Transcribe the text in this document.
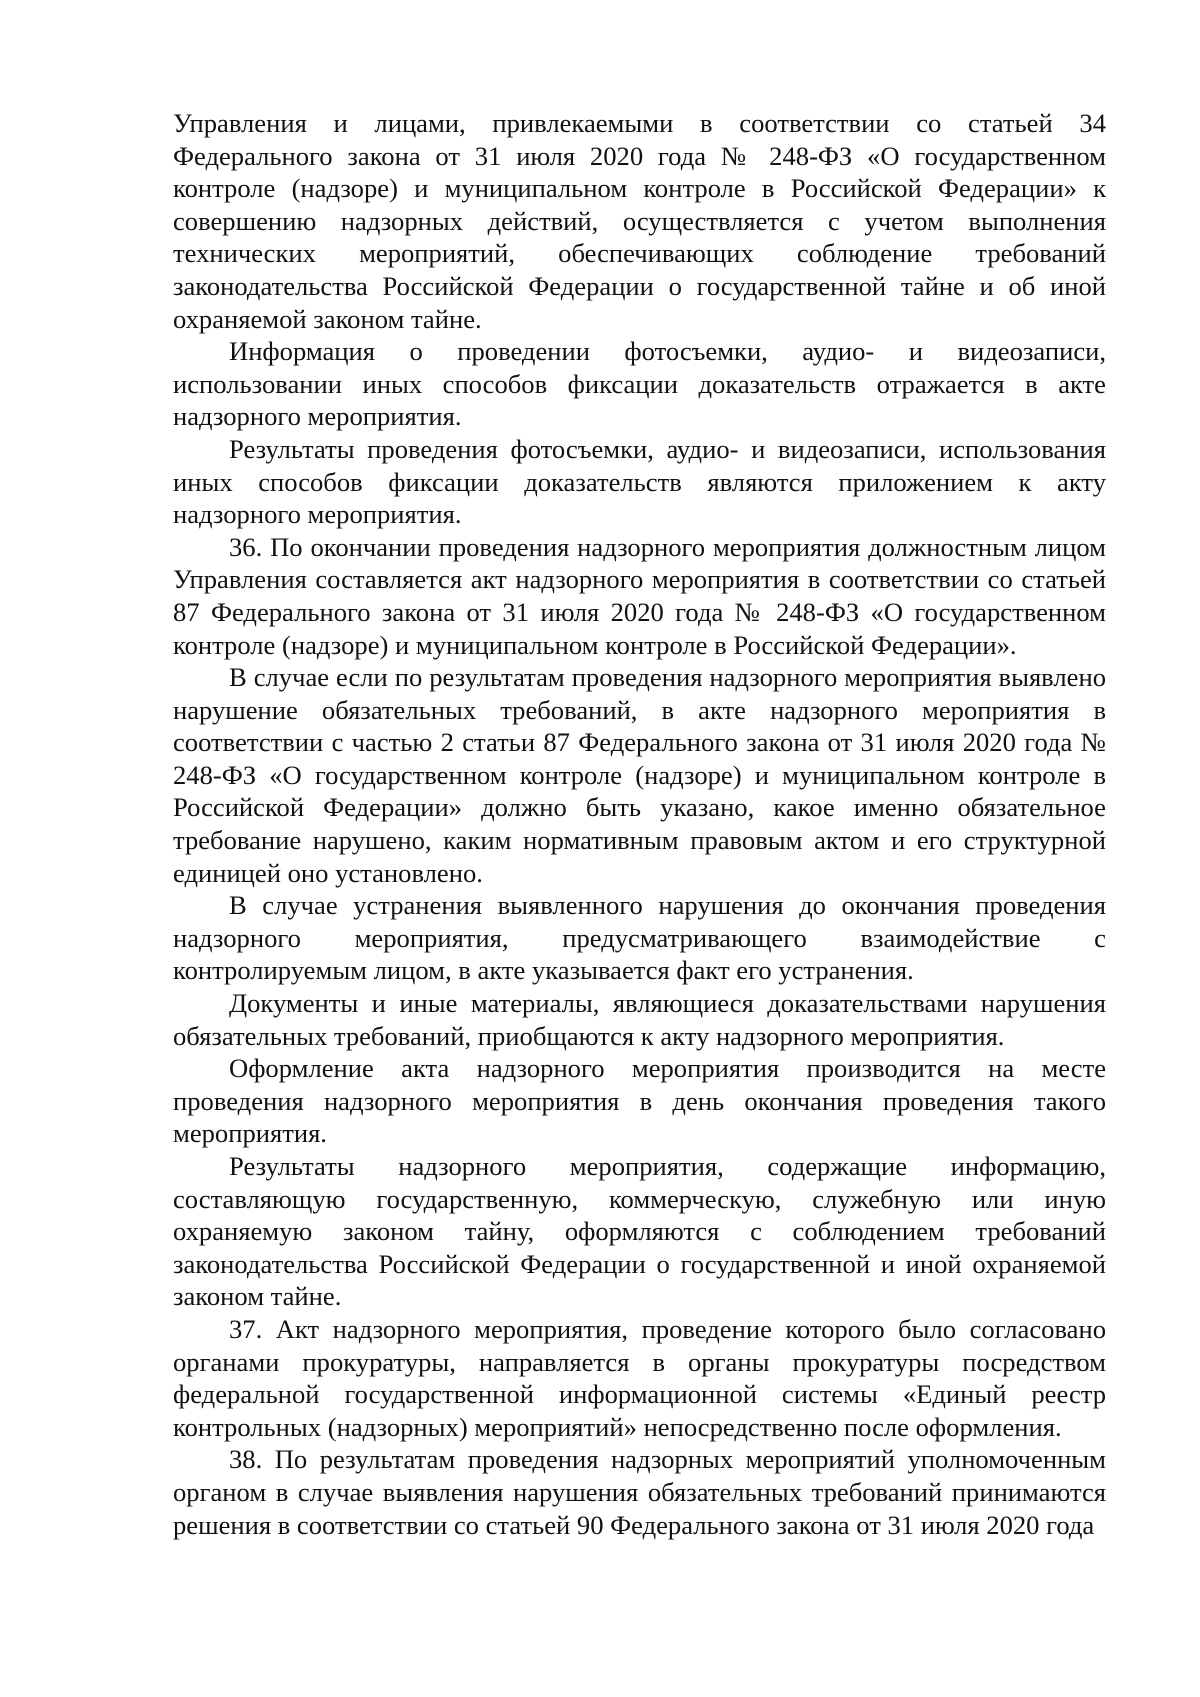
Управления и лицами, привлекаемыми в соответствии со статьей 34 Федерального закона от 31 июля 2020 года № 248-ФЗ «О государственном контроле (надзоре) и муниципальном контроле в Российской Федерации» к совершению надзорных действий, осуществляется с учетом выполнения технических мероприятий, обеспечивающих соблюдение требований законодательства Российской Федерации о государственной тайне и об иной охраняемой законом тайне.

Информация о проведении фотосъемки, аудио- и видеозаписи, использовании иных способов фиксации доказательств отражается в акте надзорного мероприятия.

Результаты проведения фотосъемки, аудио- и видеозаписи, использования иных способов фиксации доказательств являются приложением к акту надзорного мероприятия.

36. По окончании проведения надзорного мероприятия должностным лицом Управления составляется акт надзорного мероприятия в соответствии со статьей 87 Федерального закона от 31 июля 2020 года № 248-ФЗ «О государственном контроле (надзоре) и муниципальном контроле в Российской Федерации».

В случае если по результатам проведения надзорного мероприятия выявлено нарушение обязательных требований, в акте надзорного мероприятия в соответствии с частью 2 статьи 87 Федерального закона от 31 июля 2020 года № 248-ФЗ «О государственном контроле (надзоре) и муниципальном контроле в Российской Федерации» должно быть указано, какое именно обязательное требование нарушено, каким нормативным правовым актом и его структурной единицей оно установлено.

В случае устранения выявленного нарушения до окончания проведения надзорного мероприятия, предусматривающего взаимодействие с контролируемым лицом, в акте указывается факт его устранения.

Документы и иные материалы, являющиеся доказательствами нарушения обязательных требований, приобщаются к акту надзорного мероприятия.

Оформление акта надзорного мероприятия производится на месте проведения надзорного мероприятия в день окончания проведения такого мероприятия.

Результаты надзорного мероприятия, содержащие информацию, составляющую государственную, коммерческую, служебную или иную охраняемую законом тайну, оформляются с соблюдением требований законодательства Российской Федерации о государственной и иной охраняемой законом тайне.

37. Акт надзорного мероприятия, проведение которого было согласовано органами прокуратуры, направляется в органы прокуратуры посредством федеральной государственной информационной системы «Единый реестр контрольных (надзорных) мероприятий» непосредственно после оформления.

38. По результатам проведения надзорных мероприятий уполномоченным органом в случае выявления нарушения обязательных требований принимаются решения в соответствии со статьей 90 Федерального закона от 31 июля 2020 года
